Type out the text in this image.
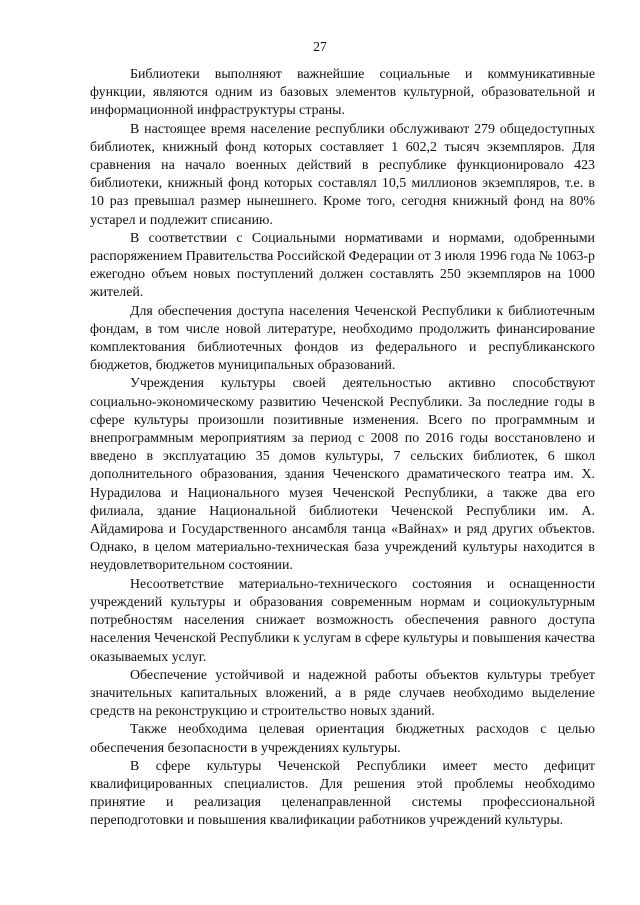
27

Библиотеки выполняют важнейшие социальные и коммуникативные функции, являются одним из базовых элементов культурной, образовательной и информационной инфраструктуры страны.

В настоящее время население республики обслуживают 279 общедоступных библиотек, книжный фонд которых составляет 1 602,2 тысяч экземпляров. Для сравнения на начало военных действий в республике функционировало 423 библиотеки, книжный фонд которых составлял 10,5 миллионов экземпляров, т.е. в 10 раз превышал размер нынешнего. Кроме того, сегодня книжный фонд на 80% устарел и подлежит списанию.

В соответствии с Социальными нормативами и нормами, одобренными распоряжением Правительства Российской Федерации от 3 июля 1996 года № 1063-р ежегодно объем новых поступлений должен составлять 250 экземпляров на 1000 жителей.

Для обеспечения доступа населения Чеченской Республики к библиотечным фондам, в том числе новой литературе, необходимо продолжить финансирование комплектования библиотечных фондов из федерального и республиканского бюджетов, бюджетов муниципальных образований.

Учреждения культуры своей деятельностью активно способствуют социально-экономическому развитию Чеченской Республики. За последние годы в сфере культуры произошли позитивные изменения. Всего по программным и внепрограммным мероприятиям за период с 2008 по 2016 годы восстановлено и введено в эксплуатацию 35 домов культуры, 7 сельских библиотек, 6 школ дополнительного образования, здания Чеченского драматического театра им. Х. Нурадилова и Национального музея Чеченской Республики, а также два его филиала, здание Национальной библиотеки Чеченской Республики им. А. Айдамирова и Государственного ансамбля танца «Вайнах» и ряд других объектов. Однако, в целом материально-техническая база учреждений культуры находится в неудовлетворительном состоянии.

Несоответствие материально-технического состояния и оснащенности учреждений культуры и образования современным нормам и социокультурным потребностям населения снижает возможность обеспечения равного доступа населения Чеченской Республики к услугам в сфере культуры и повышения качества оказываемых услуг.

Обеспечение устойчивой и надежной работы объектов культуры требует значительных капитальных вложений, а в ряде случаев необходимо выделение средств на реконструкцию и строительство новых зданий.

Также необходима целевая ориентация бюджетных расходов с целью обеспечения безопасности в учреждениях культуры.

В сфере культуры Чеченской Республики имеет место дефицит квалифицированных специалистов. Для решения этой проблемы необходимо принятие и реализация целенаправленной системы профессиональной переподготовки и повышения квалификации работников учреждений культуры.
